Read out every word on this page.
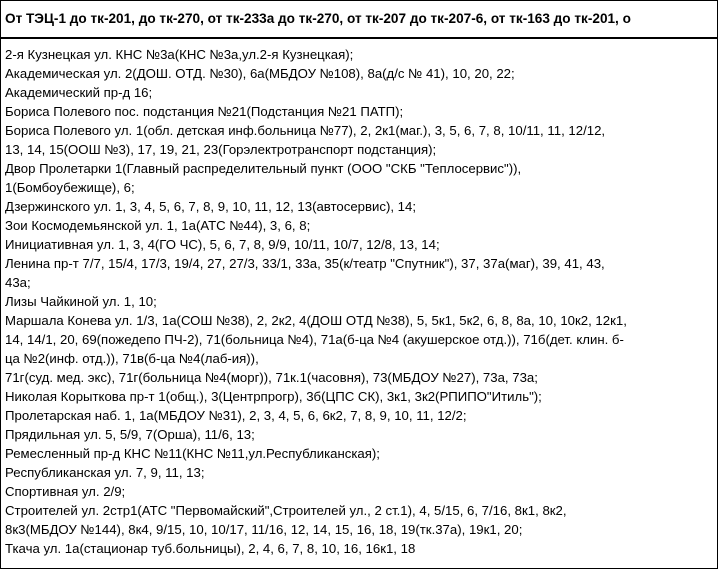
От ТЭЦ-1 до тк-201, до тк-270, от тк-233а до тк-270, от тк-207 до тк-207-6, от тк-163 до тк-201, о
2-я Кузнецкая ул. КНС №3а(КНС №3а,ул.2-я Кузнецкая);
Академическая ул. 2(ДОШ. ОТД. №30), 6а(МБДОУ №108), 8а(д/с № 41), 10, 20, 22;
Академический пр-д 16;
Бориса Полевого пос. подстанция №21(Подстанция №21 ПАТП);
Бориса Полевого ул. 1(обл. детская инф.больница №77), 2, 2к1(маг.), 3, 5, 6, 7, 8, 10/11, 11, 12/12,
13, 14, 15(ООШ №3), 17, 19, 21, 23(Горэлектротранспорт подстанция);
Двор Пролетарки 1(Главный распределительный пункт (ООО "СКБ "Теплосервис")),
1(Бомбоубежище), 6;
Дзержинского ул. 1, 3, 4, 5, 6, 7, 8, 9, 10, 11, 12, 13(автосервис), 14;
Зои Космодемьянской ул. 1, 1а(АТС №44), 3, 6, 8;
Инициативная ул. 1, 3, 4(ГО ЧС), 5, 6, 7, 8, 9/9, 10/11, 10/7, 12/8, 13, 14;
Ленина пр-т 7/7, 15/4, 17/3, 19/4, 27, 27/3, 33/1, 33а, 35(к/театр "Спутник"), 37, 37а(маг), 39, 41, 43,
43а;
Лизы Чайкиной ул. 1, 10;
Маршала Конева ул. 1/3, 1а(СОШ №38), 2, 2к2, 4(ДОШ ОТД №38), 5, 5к1, 5к2, 6, 8, 8а, 10, 10к2, 12к1,
14, 14/1, 20, 69(пожедепо ПЧ-2), 71(больница №4), 71а(б-ца №4 (акушерское отд.)), 71б(дет. клин. б-
ца №2(инф. отд.)), 71в(б-ца №4(лаб-ия)),
71г(суд. мед. экс), 71г(больница №4(морг)), 71к.1(часовня), 73(МБДОУ №27), 73а, 73а;
Николая Корыткова пр-т 1(общ.), 3(Центрпрогр), 3б(ЦПС СК), 3к1, 3к2(РПИПО"Итиль");
Пролетарская наб. 1, 1а(МБДОУ №31), 2, 3, 4, 5, 6, 6к2, 7, 8, 9, 10, 11, 12/2;
Прядильная ул. 5, 5/9, 7(Орша), 11/6, 13;
Ремесленный пр-д КНС №11(КНС №11,ул.Республиканская);
Республиканская ул. 7, 9, 11, 13;
Спортивная ул. 2/9;
Строителей ул. 2стр1(АТС "Первомайский",Строителей ул., 2 ст.1), 4, 5/15, 6, 7/16, 8к1, 8к2,
8к3(МБДОУ №144), 8к4, 9/15, 10, 10/17, 11/16, 12, 14, 15, 16, 18, 19(тк.37а), 19к1, 20;
Ткача ул. 1а(стационар туб.больницы), 2, 4, 6, 7, 8, 10, 16, 16к1, 18
